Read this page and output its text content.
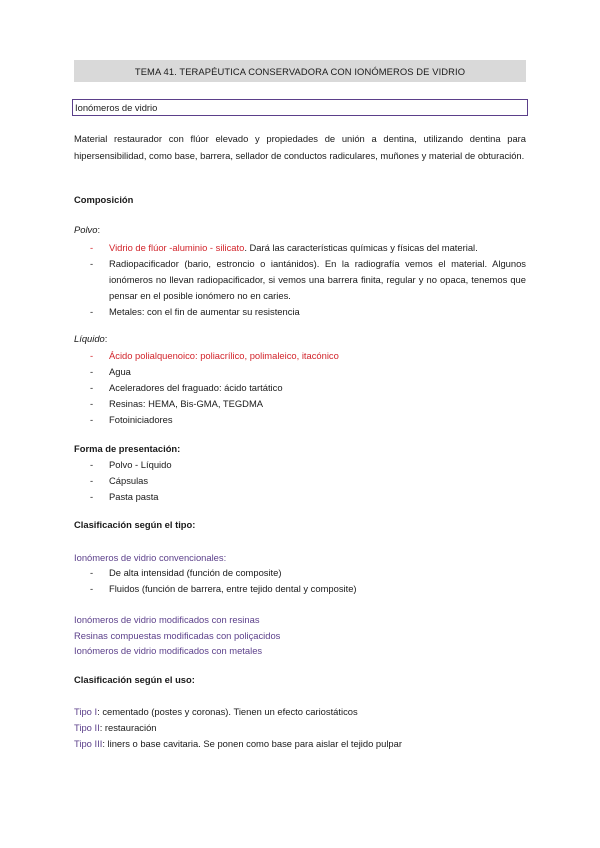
TEMA 41. TERAPÉUTICA CONSERVADORA CON IONÓMEROS DE VIDRIO
Ionómeros de vidrio
Material restaurador con flúor elevado y propiedades de unión a dentina, utilizando dentina para hipersensibilidad, como base, barrera, sellador de conductos radiculares, muñones y material de obturación.
Composición
Polvo:
- Vidrio de flúor -aluminio - silicato. Dará las características químicas y físicas del material.
- Radiopacificador (bario, estroncio o iantánidos). En la radiografía vemos el material. Algunos ionómeros no llevan radiopacificador, si vemos una barrera finita, regular y no opaca, tenemos que pensar en el posible ionómero no en caries.
- Metales: con el fin de aumentar su resistencia
Líquido:
- Ácido polialquenoico: poliacrílico, polimaleico, itacónico
- Agua
- Aceleradores del fraguado: ácido tartático
- Resinas: HEMA, Bis-GMA, TEGDMA
- Fotoiniciadores
Forma de presentación:
- Polvo - Líquido
- Cápsulas
- Pasta pasta
Clasificación según el tipo:
Ionómeros de vidrio convencionales:
- De alta intensidad (función de composite)
- Fluidos (función de barrera, entre tejido dental y composite)
Ionómeros de vidrio modificados con resinas
Resinas compuestas modificadas con poliçacidos
Ionómeros de vidrio modificados con metales
Clasificación según el uso:
Tipo I: cementado (postes y coronas). Tienen un efecto cariostáticos
Tipo II: restauración
Tipo III: liners o base cavitaria. Se ponen como base para aislar el tejido pulpar
